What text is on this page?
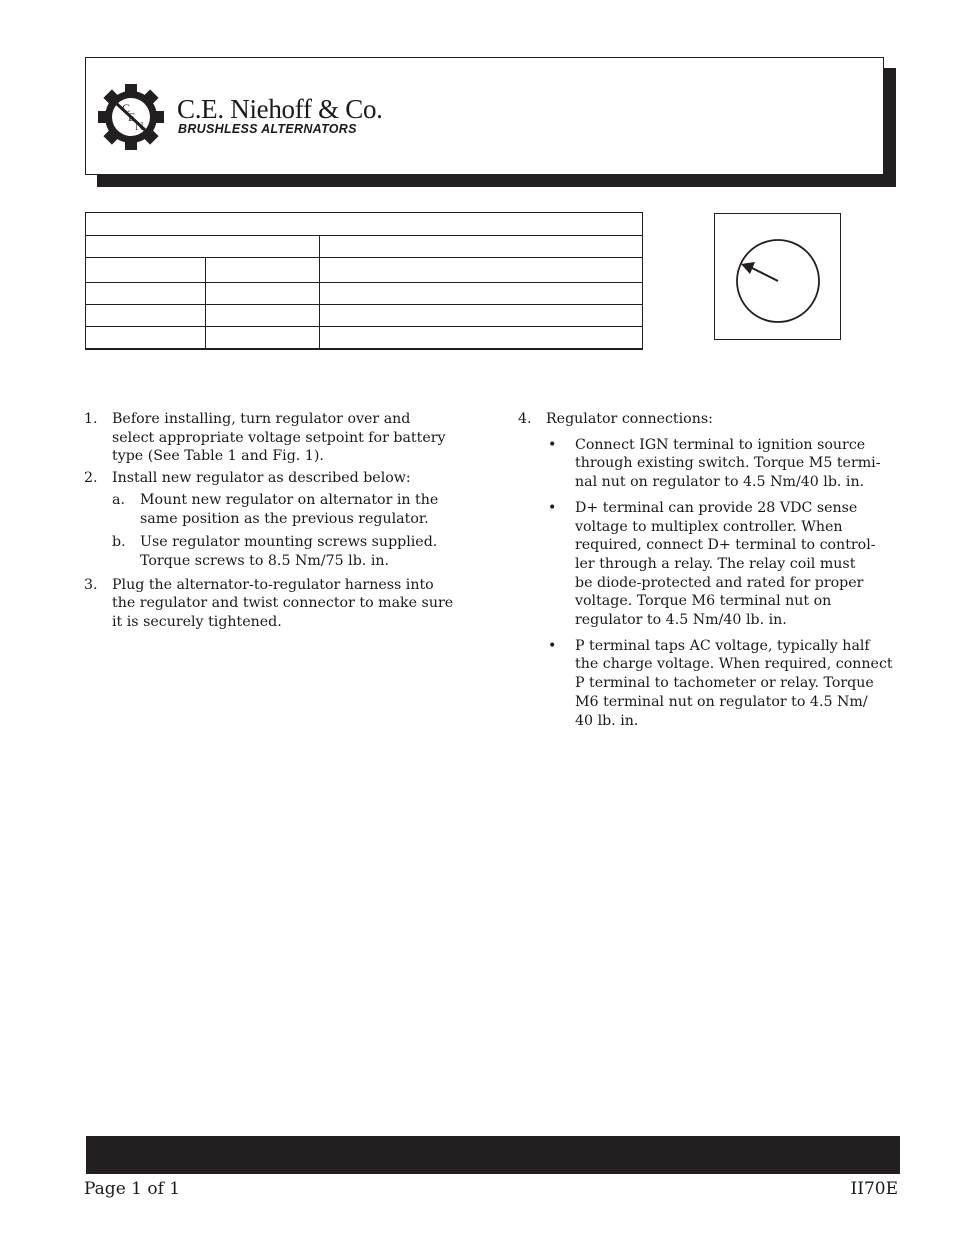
C
E
N
C.E. Niehoff & Co.
BRUSHLESS ALTERNATORS

1.	Before installing, turn regulator over and
select appropriate voltage setpoint for battery
type (See Table 1 and Fig. 1).
2.	Install new regulator as described below:
a.	Mount new regulator on alternator in the
same position as the previous regulator.
b.	Use regulator mounting screws supplied.
Torque screws to 8.5 Nm/75 lb. in.
3.	Plug the alternator-to-regulator harness into
the regulator and twist connector to make sure
it is securely tightened.
4.	Regulator connections:
•	Connect IGN terminal to ignition source
through existing switch. Torque M5 termi-
nal nut on regulator to 4.5 Nm/40 lb. in.
•	D+ terminal can provide 28 VDC sense
voltage to multiplex controller. When
required, connect D+ terminal to control-
ler through a relay. The relay coil must
be diode-protected and rated for proper
voltage. Torque M6 terminal nut on
regulator to 4.5 Nm/40 lb. in.
•	P terminal taps AC voltage, typically half
the charge voltage. When required, connect
P terminal to tachometer or relay. Torque
M6 terminal nut on regulator to 4.5 Nm/
40 lb. in.
Page 1 of 1	II70E
